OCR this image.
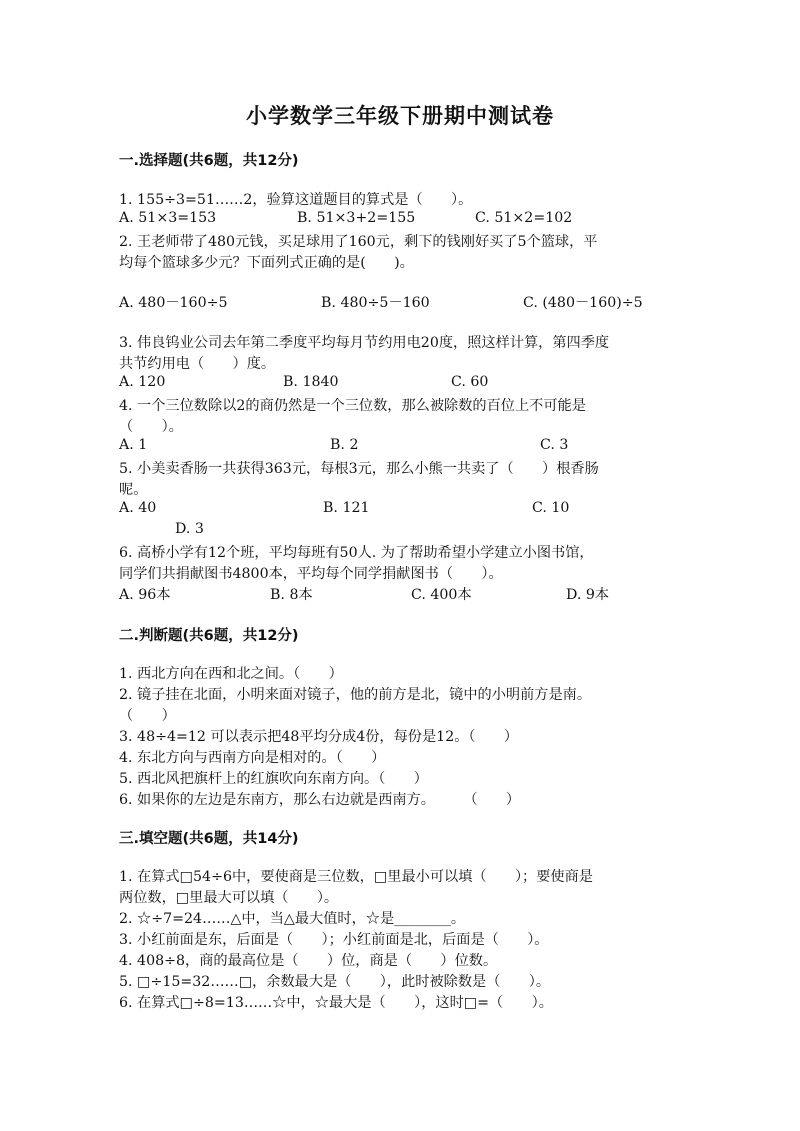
小学数学三年级下册期中测试卷
一.选择题(共6题，共12分)
1. 155÷3=51……2，验算这道题目的算式是（　　）。
A. 51×3=153	B. 51×3+2=155	C. 51×2=102
2. 王老师带了480元钱，买足球用了160元，剩下的钱刚好买了5个篮球，平
均每个篮球多少元？下面列式正确的是(　　)。
A. 480－160÷5	B. 480÷5－160	C. (480－160)÷5
3. 伟良钨业公司去年第二季度平均每月节约用电20度，照这样计算，第四季度
共节约用电（　　）度。
A. 120	B. 1840	C. 60
4. 一个三位数除以2的商仍然是一个三位数，那么被除数的百位上不可能是
（　　）。
A. 1	B. 2	C. 3
5. 小美卖香肠一共获得363元，每根3元，那么小熊一共卖了（　　）根香肠
呢。
A. 40	B. 121	C. 10
D. 3
6. 高桥小学有12个班，平均每班有50人. 为了帮助希望小学建立小图书馆，
同学们共捐献图书4800本，平均每个同学捐献图书（　　）。
A. 96本	B. 8本	C. 400本	D. 9本
二.判断题(共6题，共12分)
1. 西北方向在西和北之间。（　　）
2. 镜子挂在北面，小明来面对镜子，他的前方是北，镜中的小明前方是南。
（　　）
3. 48÷4=12 可以表示把48平均分成4份，每份是12。（　　）
4. 东北方向与西南方向是相对的。（　　）
5. 西北风把旗杆上的红旗吹向东南方向。（　　）
6. 如果你的左边是东南方，那么右边就是西南方。　　　（　　）
三.填空题(共6题，共14分)
1. 在算式□54÷6中，要使商是三位数，□里最小可以填（　　）；要使商是
两位数，□里最大可以填（　　）。
2. ☆÷7=24……△中，当△最大值时，☆是________。
3. 小红前面是东，后面是（　　）；小红前面是北，后面是（　　）。
4. 408÷8，商的最高位是（　　）位，商是（　　）位数。
5. □÷15=32……□，余数最大是（　　），此时被除数是（　　）。
6. 在算式□÷8=13……☆中，☆最大是（　　），这时□=（　　）。
